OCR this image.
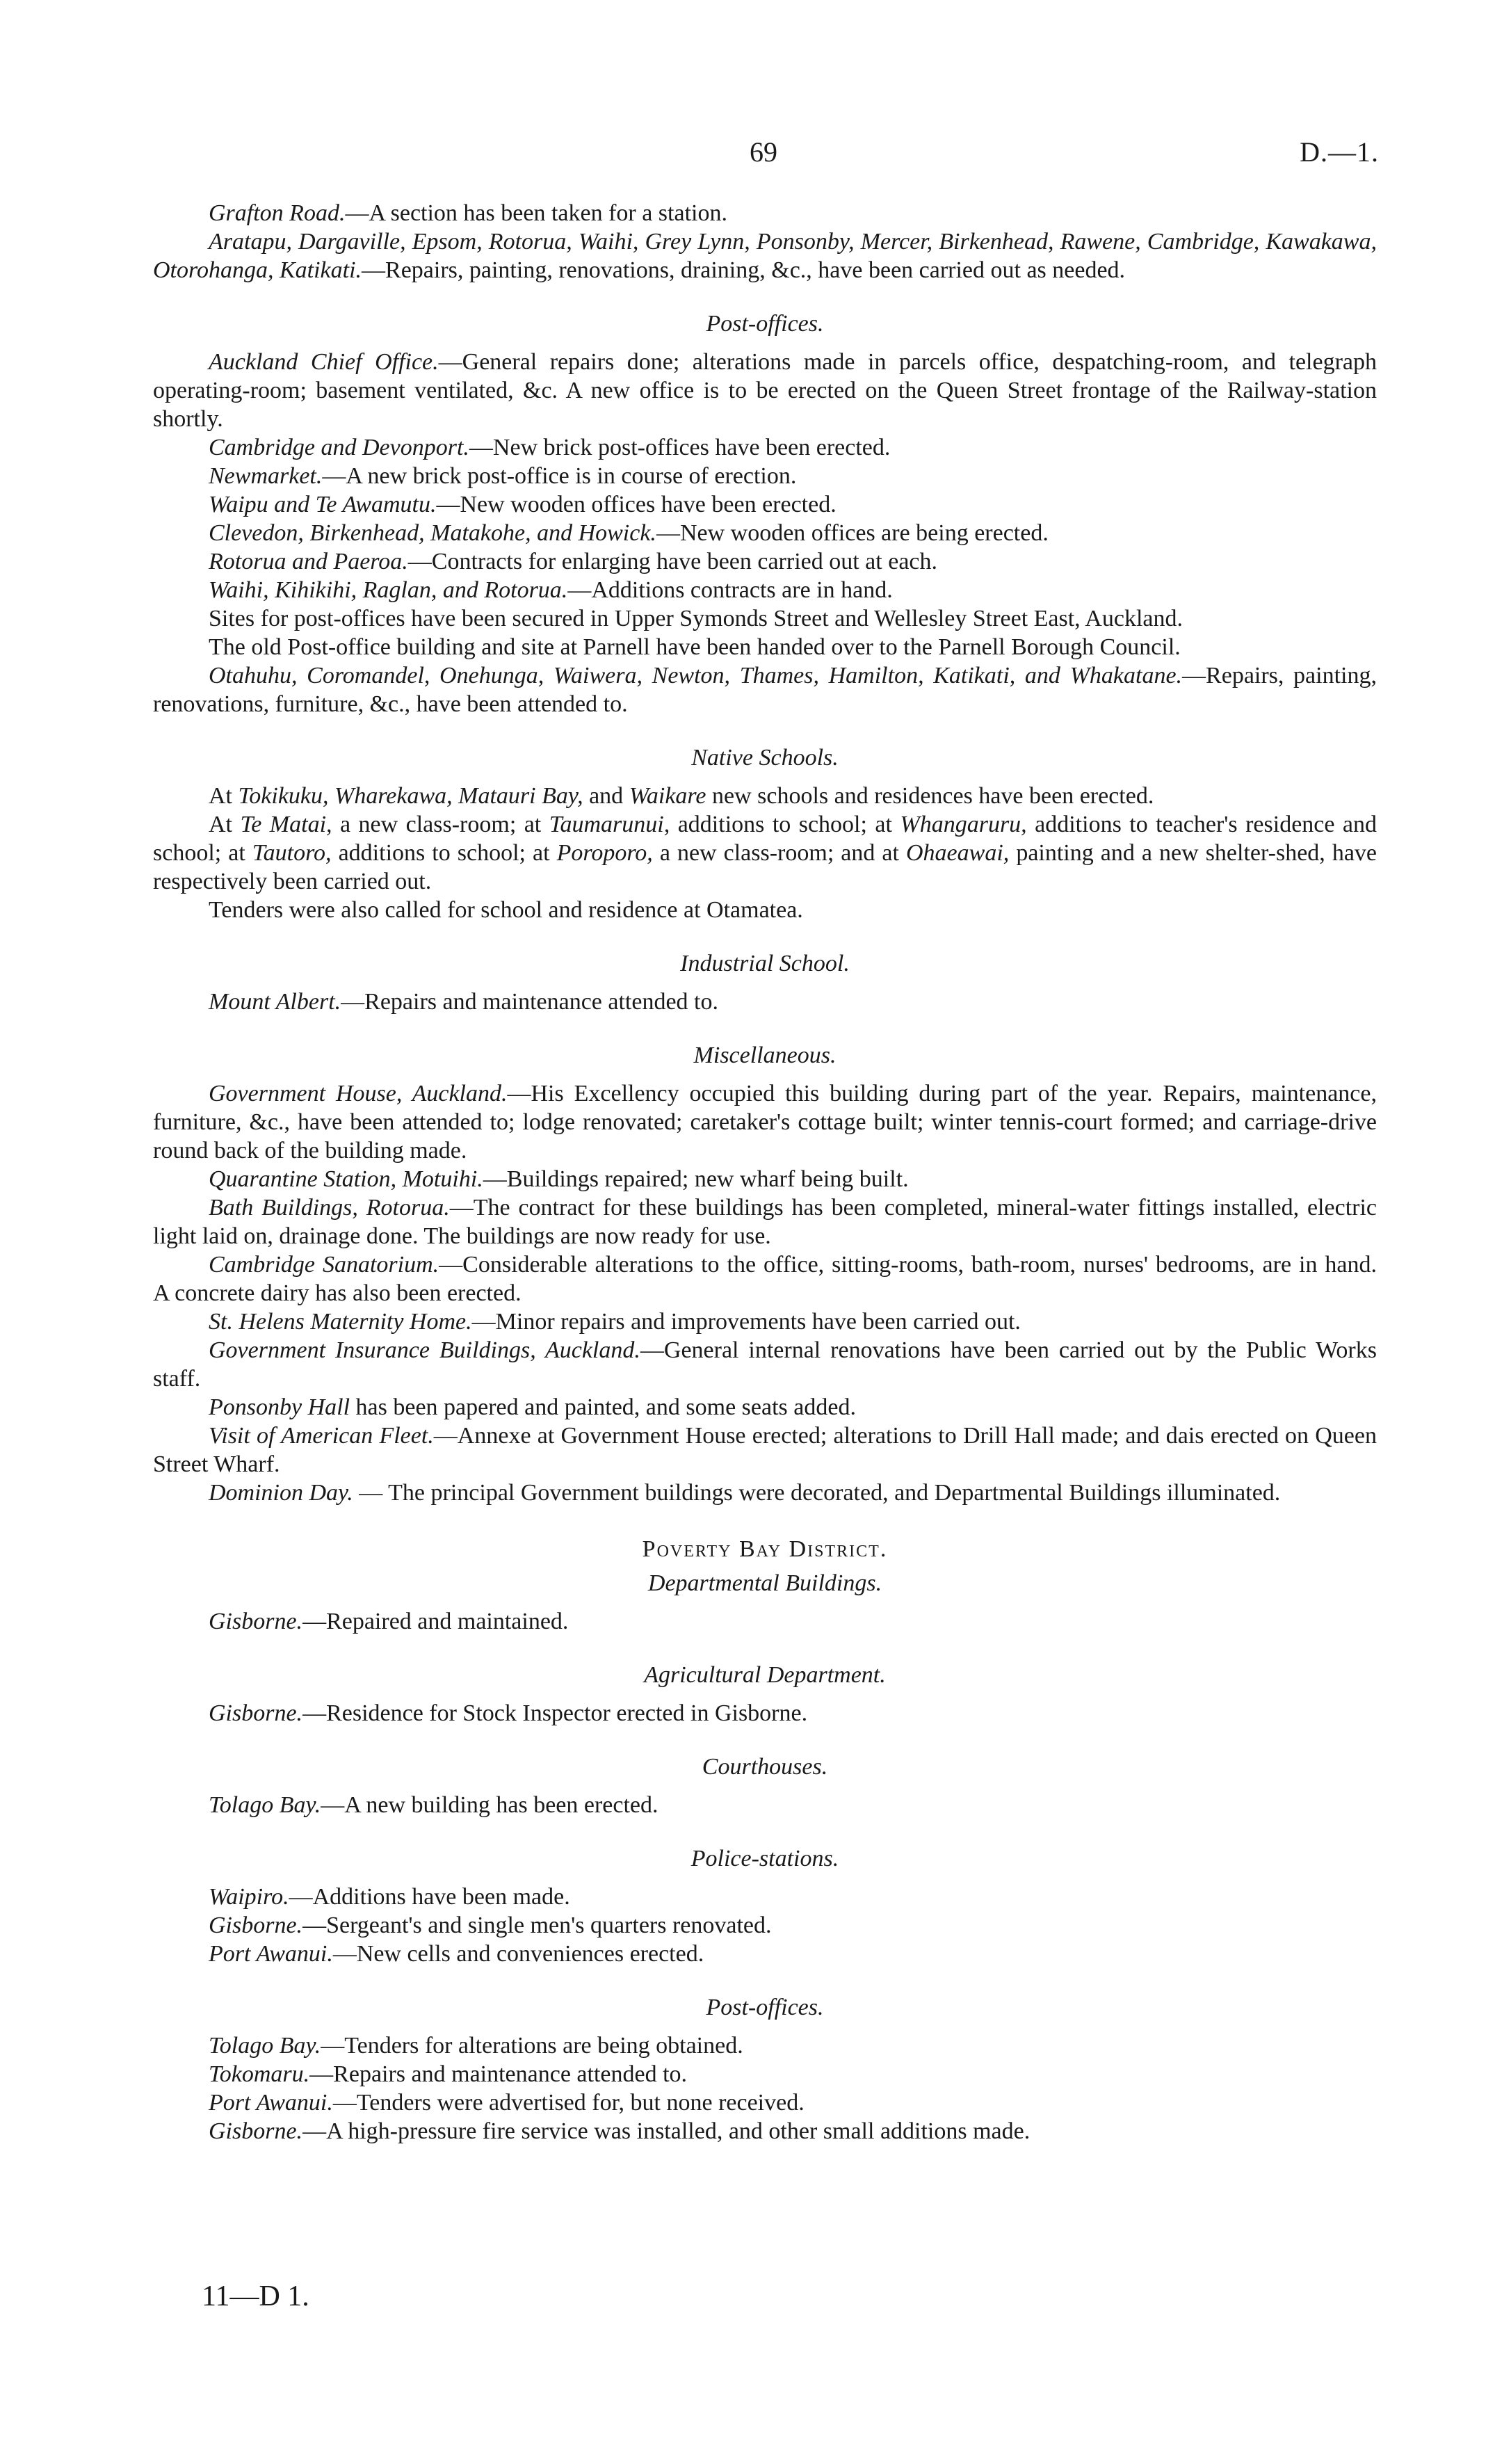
69	D.—1.

Grafton Road.—A section has been taken for a station.

Aratapu, Dargaville, Epsom, Rotorua, Waihi, Grey Lynn, Ponsonby, Mercer, Birkenhead, Rawene, Cambridge, Kawakawa, Otorohanga, Katikati.—Repairs, painting, renovations, draining, &c., have been carried out as needed.

Post-offices.

Auckland Chief Office.—General repairs done; alterations made in parcels office, despatching-room, and telegraph operating-room; basement ventilated, &c. A new office is to be erected on the Queen Street frontage of the Railway-station shortly.

Cambridge and Devonport.—New brick post-offices have been erected.

Newmarket.—A new brick post-office is in course of erection.

Waipu and Te Awamutu.—New wooden offices have been erected.

Clevedon, Birkenhead, Matakohe, and Howick.—New wooden offices are being erected.

Rotorua and Paeroa.—Contracts for enlarging have been carried out at each.

Waihi, Kihikihi, Raglan, and Rotorua.—Additions contracts are in hand.

Sites for post-offices have been secured in Upper Symonds Street and Wellesley Street East, Auckland.

The old Post-office building and site at Parnell have been handed over to the Parnell Borough Council.

Otahuhu, Coromandel, Onehunga, Waiwera, Newton, Thames, Hamilton, Katikati, and Whakatane.—Repairs, painting, renovations, furniture, &c., have been attended to.

Native Schools.

At Tokikuku, Wharekawa, Matauri Bay, and Waikare new schools and residences have been erected.

At Te Matai, a new class-room; at Taumarunui, additions to school; at Whangaruru, additions to teacher's residence and school; at Tautoro, additions to school; at Poroporo, a new class-room; and at Ohaeawai, painting and a new shelter-shed, have respectively been carried out.

Tenders were also called for school and residence at Otamatea.

Industrial School.

Mount Albert.—Repairs and maintenance attended to.

Miscellaneous.

Government House, Auckland.—His Excellency occupied this building during part of the year. Repairs, maintenance, furniture, &c., have been attended to; lodge renovated; caretaker's cottage built; winter tennis-court formed; and carriage-drive round back of the building made.

Quarantine Station, Motuihi.—Buildings repaired; new wharf being built.

Bath Buildings, Rotorua.—The contract for these buildings has been completed, mineral-water fittings installed, electric light laid on, drainage done. The buildings are now ready for use.

Cambridge Sanatorium.—Considerable alterations to the office, sitting-rooms, bath-room, nurses' bedrooms, are in hand. A concrete dairy has also been erected.

St. Helens Maternity Home.—Minor repairs and improvements have been carried out.

Government Insurance Buildings, Auckland.—General internal renovations have been carried out by the Public Works staff.

Ponsonby Hall has been papered and painted, and some seats added.

Visit of American Fleet.—Annexe at Government House erected; alterations to Drill Hall made; and dais erected on Queen Street Wharf.

Dominion Day. — The principal Government buildings were decorated, and Departmental Buildings illuminated.

Poverty Bay District.
Departmental Buildings.

Gisborne.—Repaired and maintained.

Agricultural Department.

Gisborne.—Residence for Stock Inspector erected in Gisborne.

Courthouses.

Tolago Bay.—A new building has been erected.

Police-stations.

Waipiro.—Additions have been made.

Gisborne.—Sergeant's and single men's quarters renovated.

Port Awanui.—New cells and conveniences erected.

Post-offices.

Tolago Bay.—Tenders for alterations are being obtained.

Tokomaru.—Repairs and maintenance attended to.

Port Awanui.—Tenders were advertised for, but none received.

Gisborne.—A high-pressure fire service was installed, and other small additions made.

11—D 1.
